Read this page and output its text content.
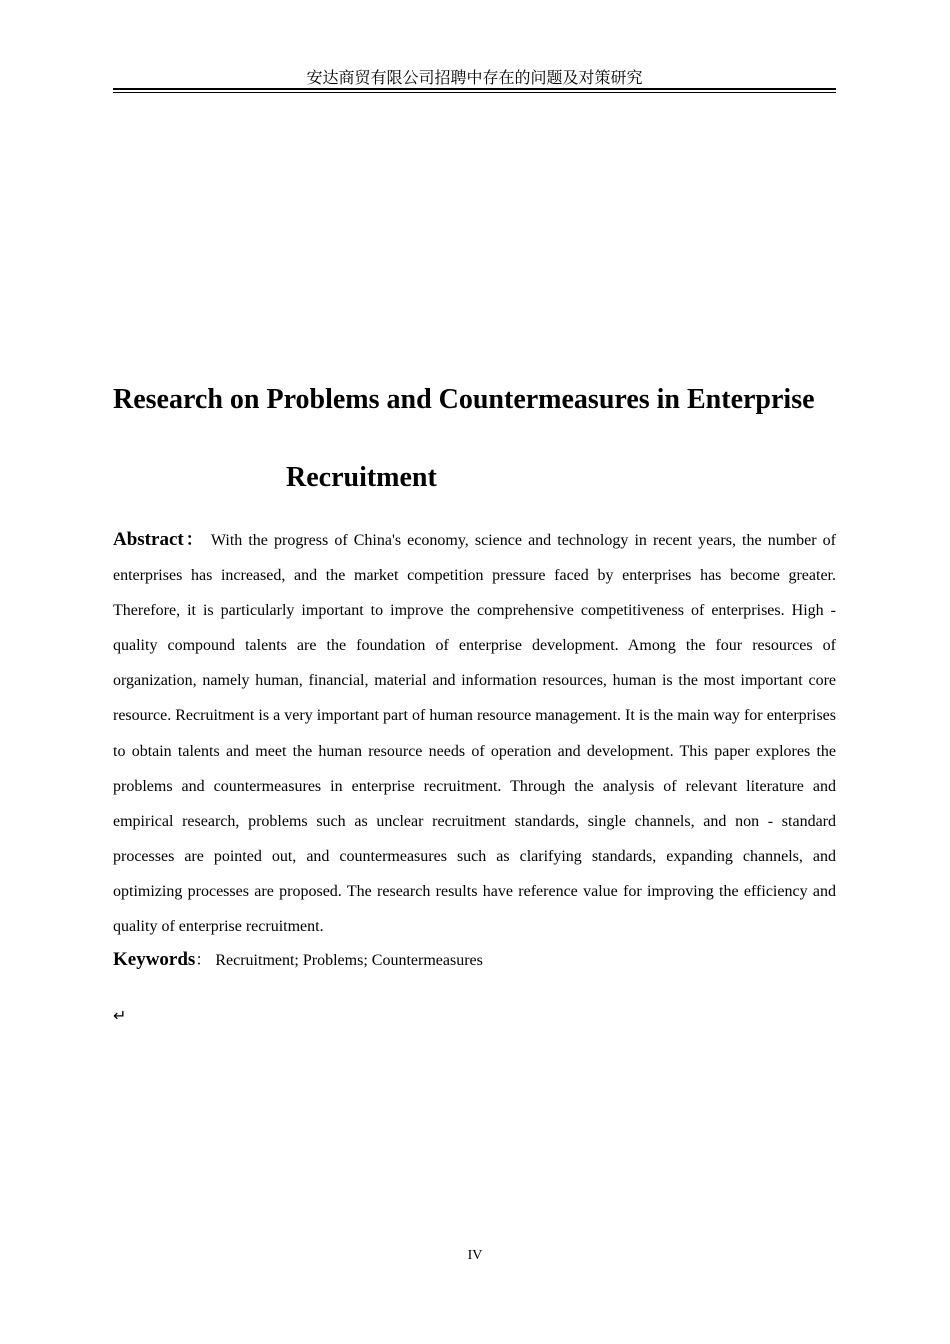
安达商贸有限公司招聘中存在的问题及对策研究
Research on Problems and Countermeasures in Enterprise
Recruitment

Abstract： With the progress of China's economy, science and technology in recent years, the number of enterprises has increased, and the market competition pressure faced by enterprises has become greater. Therefore, it is particularly important to improve the comprehensive competitiveness of enterprises. High - quality compound talents are the foundation of enterprise development. Among the four resources of organization, namely human, financial, material and information resources, human is the most important core resource. Recruitment is a very important part of human resource management. It is the main way for enterprises to obtain talents and meet the human resource needs of operation and development. This paper explores the problems and countermeasures in enterprise recruitment. Through the analysis of relevant literature and empirical research, problems such as unclear recruitment standards, single channels, and non - standard processes are pointed out, and countermeasures such as clarifying standards, expanding channels, and optimizing processes are proposed. The research results have reference value for improving the efficiency and quality of enterprise recruitment.

Keywords： Recruitment; Problems; Countermeasures

↵
IV
